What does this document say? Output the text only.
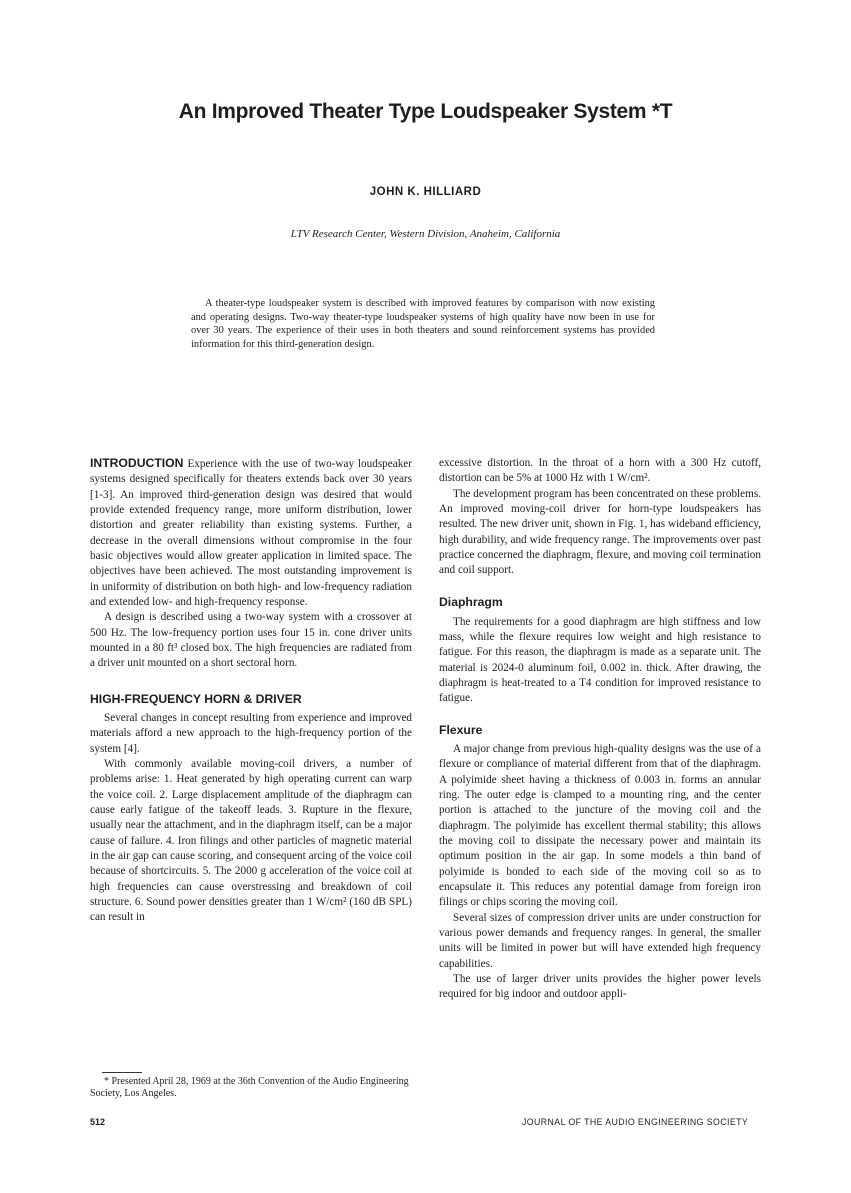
An Improved Theater Type Loudspeaker System *T
JOHN K. HILLIARD
LTV Research Center, Western Division, Anaheim, California

A theater-type loudspeaker system is described with improved features by comparison with now existing and operating designs. Two-way theater-type loudspeaker systems of high quality have now been in use for over 30 years. The experience of their uses in both theaters and sound reinforcement systems has provided information for this third-generation design.

INTRODUCTION Experience with the use of two-way loudspeaker systems designed specifically for theaters extends back over 30 years [1-3]. An improved third-generation design was desired that would provide extended frequency range, more uniform distribution, lower distortion and greater reliability than existing systems. Further, a decrease in the overall dimensions without compromise in the four basic objectives would allow greater application in limited space. The objectives have been achieved. The most outstanding improvement is in uniformity of distribution on both high- and low-frequency radiation and extended low- and high-frequency response.

A design is described using a two-way system with a crossover at 500 Hz. The low-frequency portion uses four 15 in. cone driver units mounted in a 80 ft³ closed box. The high frequencies are radiated from a driver unit mounted on a short sectoral horn.

HIGH-FREQUENCY HORN & DRIVER

Several changes in concept resulting from experience and improved materials afford a new approach to the high-frequency portion of the system [4].

With commonly available moving-coil drivers, a number of problems arise: 1. Heat generated by high operating current can warp the voice coil. 2. Large displacement amplitude of the diaphragm can cause early fatigue of the takeoff leads. 3. Rupture in the flexure, usually near the attachment, and in the diaphragm itself, can be a major cause of failure. 4. Iron filings and other particles of magnetic material in the air gap can cause scoring, and consequent arcing of the voice coil because of shortcircuits. 5. The 2000 g acceleration of the voice coil at high frequencies can cause overstressing and breakdown of coil structure. 6. Sound power densities greater than 1 W/cm² (160 dB SPL) can result in

excessive distortion. In the throat of a horn with a 300 Hz cutoff, distortion can be 5% at 1000 Hz with 1 W/cm².

The development program has been concentrated on these problems. An improved moving-coil driver for horn-type loudspeakers has resulted. The new driver unit, shown in Fig. 1, has wideband efficiency, high durability, and wide frequency range. The improvements over past practice concerned the diaphragm, flexure, and moving coil termination and coil support.

Diaphragm

The requirements for a good diaphragm are high stiffness and low mass, while the flexure requires low weight and high resistance to fatigue. For this reason, the diaphragm is made as a separate unit. The material is 2024-0 aluminum foil, 0.002 in. thick. After drawing, the diaphragm is heat-treated to a T4 condition for improved resistance to fatigue.

Flexure

A major change from previous high-quality designs was the use of a flexure or compliance of material different from that of the diaphragm. A polyimide sheet having a thickness of 0.003 in. forms an annular ring. The outer edge is clamped to a mounting ring, and the center portion is attached to the juncture of the moving coil and the diaphragm. The polyimide has excellent thermal stability; this allows the moving coil to dissipate the necessary power and maintain its optimum position in the air gap. In some models a thin band of polyimide is bonded to each side of the moving coil so as to encapsulate it. This reduces any potential damage from foreign iron filings or chips scoring the moving coil.

Several sizes of compression driver units are under construction for various power demands and frequency ranges. In general, the smaller units will be limited in power but will have extended high frequency capabilities.

The use of larger driver units provides the higher power levels required for big indoor and outdoor appli-

* Presented April 28, 1969 at the 36th Convention of the Audio Engineering Society, Los Angeles.

512	JOURNAL OF THE AUDIO ENGINEERING SOCIETY
